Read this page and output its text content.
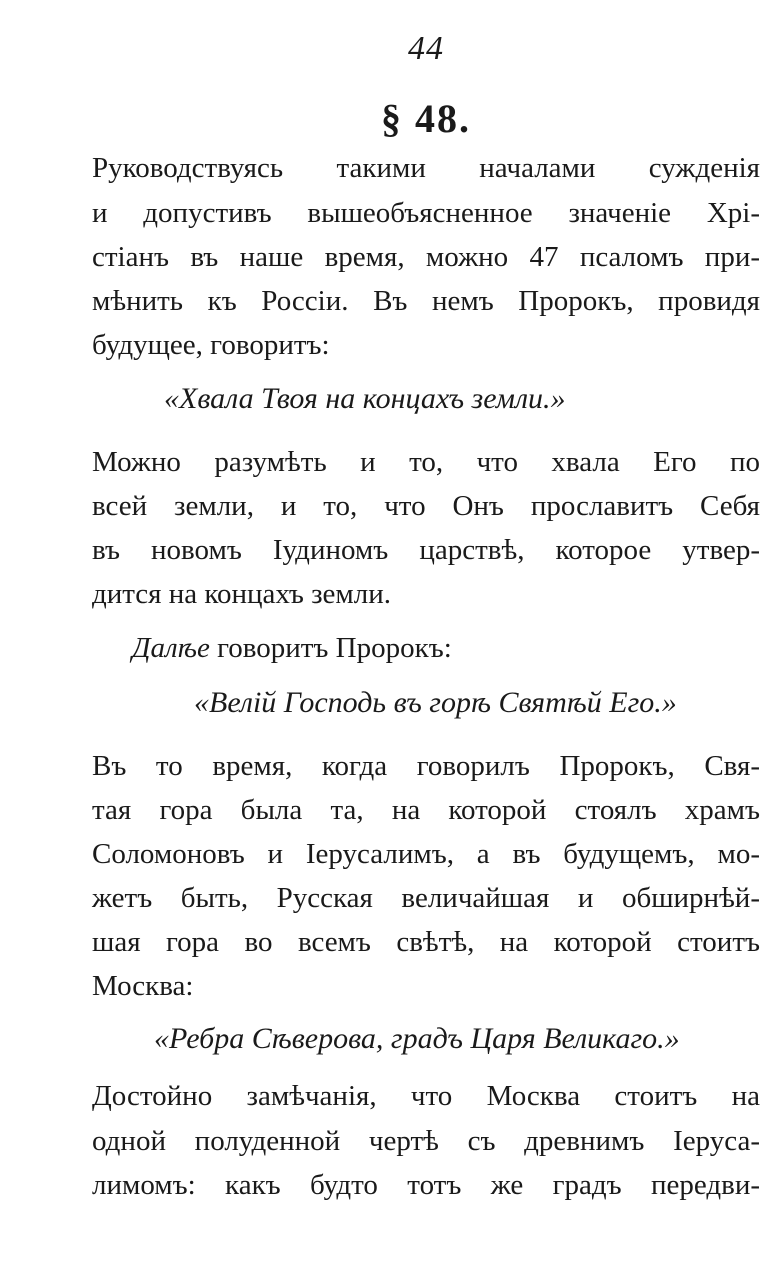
44
§ 48.
Руководствуясь такими началами сужденія
и допустивъ вышеобъясненное значеніе Хрі-
стіанъ въ наше время, можно 47 псаломъ при-
мѣнить къ Россіи. Въ немъ Пророкъ, провидя
будущее, говоритъ:
«Хвала Твоя на концахъ земли.»
Можно разумѣть и то, что хвала Его по
всей земли, и то, что Онъ прославитъ Себя
въ новомъ Іудиномъ царствѣ, которое утвер-
дится на концахъ земли.
Далѣе говоритъ Пророкъ:
«Велій Господь въ горѣ Святѣй Его.»
Въ то время, когда говорилъ Пророкъ, Свя-
тая гора была та, на которой стоялъ храмъ
Соломоновъ и Іерусалимъ, а въ будущемъ, мо-
жетъ быть, Русская величайшая и обширнѣй-
шая гора во всемъ свѣтѣ, на которой стоитъ
Москва:
«Ребра Сѣверова, градъ Царя Великаго.»
Достойно замѣчанія, что Москва стоитъ на
одной полуденной чертѣ съ древнимъ Іеруса-
лимомъ: какъ будто тотъ же градъ передви-
